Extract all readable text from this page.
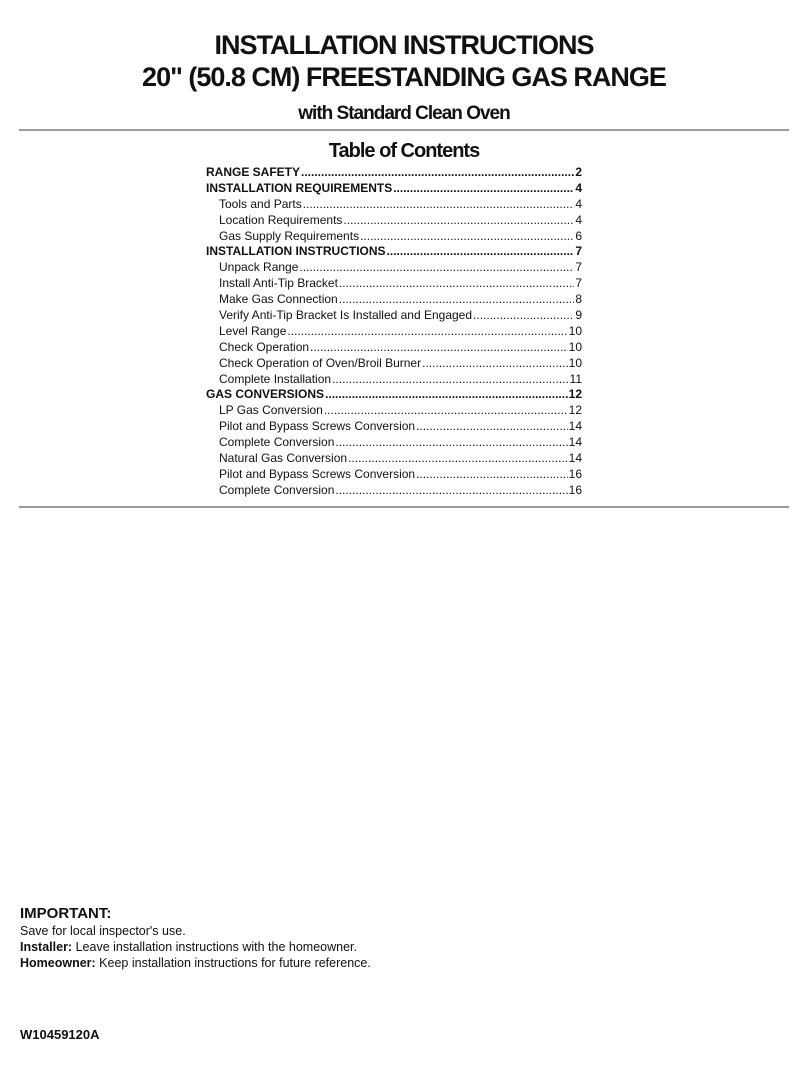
INSTALLATION INSTRUCTIONS
20" (50.8 CM) FREESTANDING GAS RANGE
with Standard Clean Oven
Table of Contents
RANGE SAFETY .....	2
INSTALLATION REQUIREMENTS .....	4
Tools and Parts .....	4
Location Requirements .....	4
Gas Supply Requirements .....	6
INSTALLATION INSTRUCTIONS .....	7
Unpack Range .....	7
Install Anti-Tip Bracket .....	7
Make Gas Connection .....	8
Verify Anti-Tip Bracket Is Installed and Engaged .....	9
Level Range .....	10
Check Operation .....	10
Check Operation of Oven/Broil Burner .....	10
Complete Installation .....	11
GAS CONVERSIONS .....	12
LP Gas Conversion .....	12
Pilot and Bypass Screws Conversion .....	14
Complete Conversion .....	14
Natural Gas Conversion .....	14
Pilot and Bypass Screws Conversion .....	16
Complete Conversion .....	16
IMPORTANT:
Save for local inspector's use.
Installer: Leave installation instructions with the homeowner.
Homeowner: Keep installation instructions for future reference.
W10459120A
